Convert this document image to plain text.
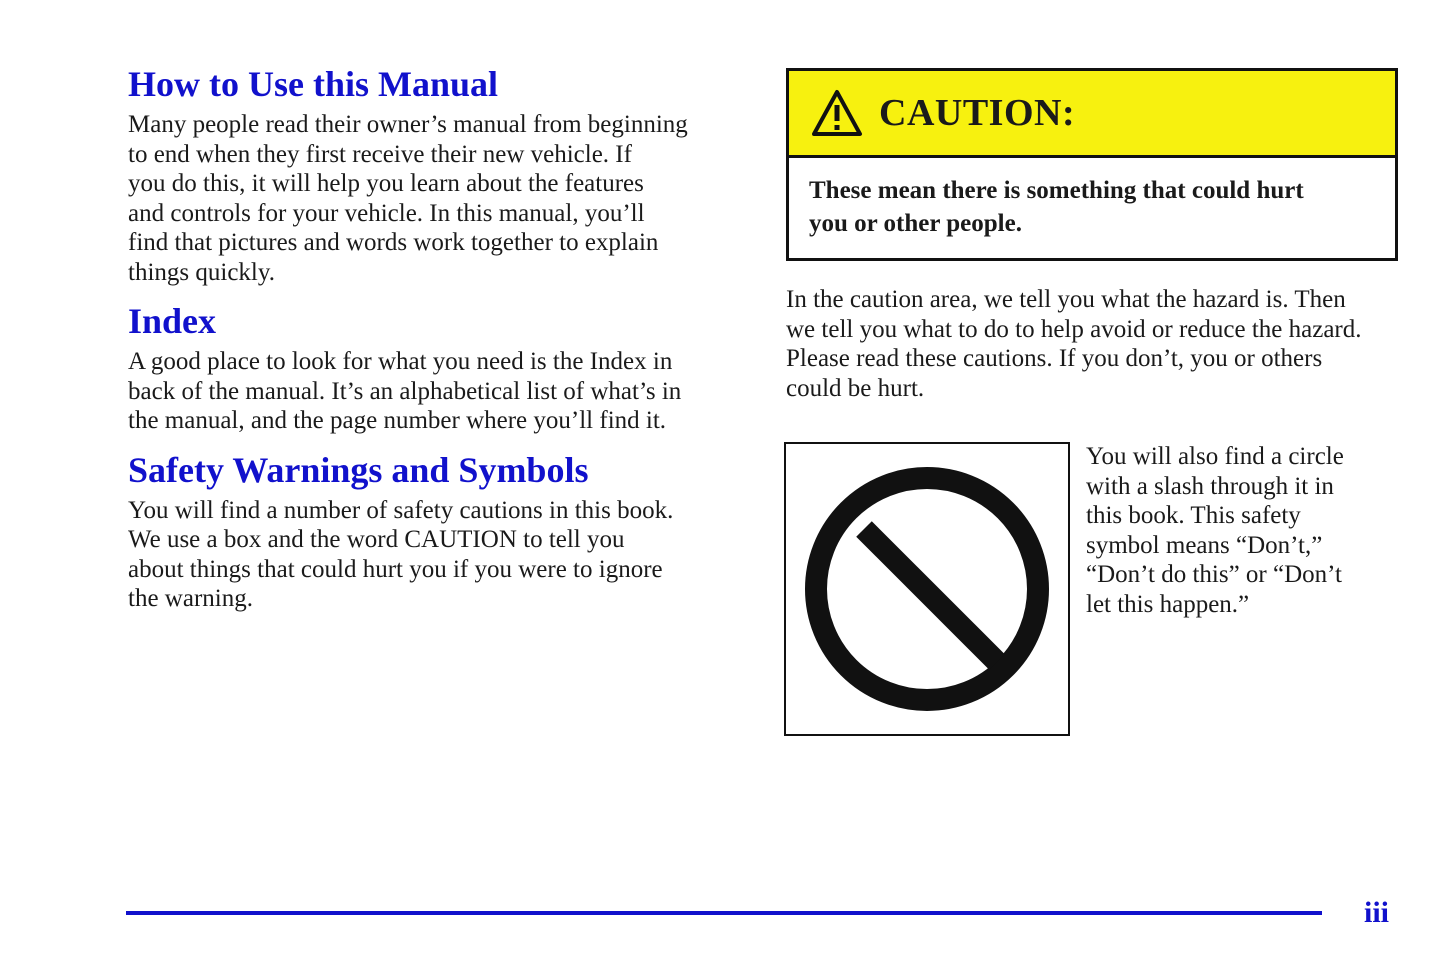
How to Use this Manual

Many people read their owner’s manual from beginning
to end when they first receive their new vehicle. If
you do this, it will help you learn about the features
and controls for your vehicle. In this manual, you’ll
find that pictures and words work together to explain
things quickly.

Index

A good place to look for what you need is the Index in
back of the manual. It’s an alphabetical list of what’s in
the manual, and the page number where you’ll find it.

Safety Warnings and Symbols

You will find a number of safety cautions in this book.
We use a box and the word CAUTION to tell you
about things that could hurt you if you were to ignore
the warning.

CAUTION:
These mean there is something that could hurt
you or other people.

In the caution area, we tell you what the hazard is. Then
we tell you what to do to help avoid or reduce the hazard.
Please read these cautions. If you don’t, you or others
could be hurt.

You will also find a circle
with a slash through it in
this book. This safety
symbol means “Don’t,”
“Don’t do this” or “Don’t
let this happen.”
iii
